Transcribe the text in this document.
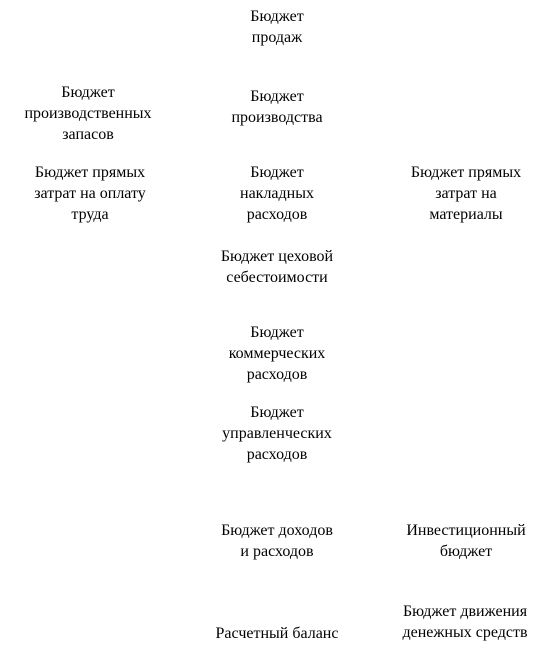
Бюджет
продаж
Бюджет
производственных
запасов
Бюджет
производства
Бюджет прямых
затрат на оплату
труда
Бюджет
накладных
расходов
Бюджет прямых
затрат на
материалы
Бюджет цеховой
себестоимости
Бюджет
коммерческих
расходов
Бюджет
управленческих
расходов
Бюджет доходов
и расходов
Инвестиционный
бюджет
Расчетный баланс
Бюджет движения
денежных средств
